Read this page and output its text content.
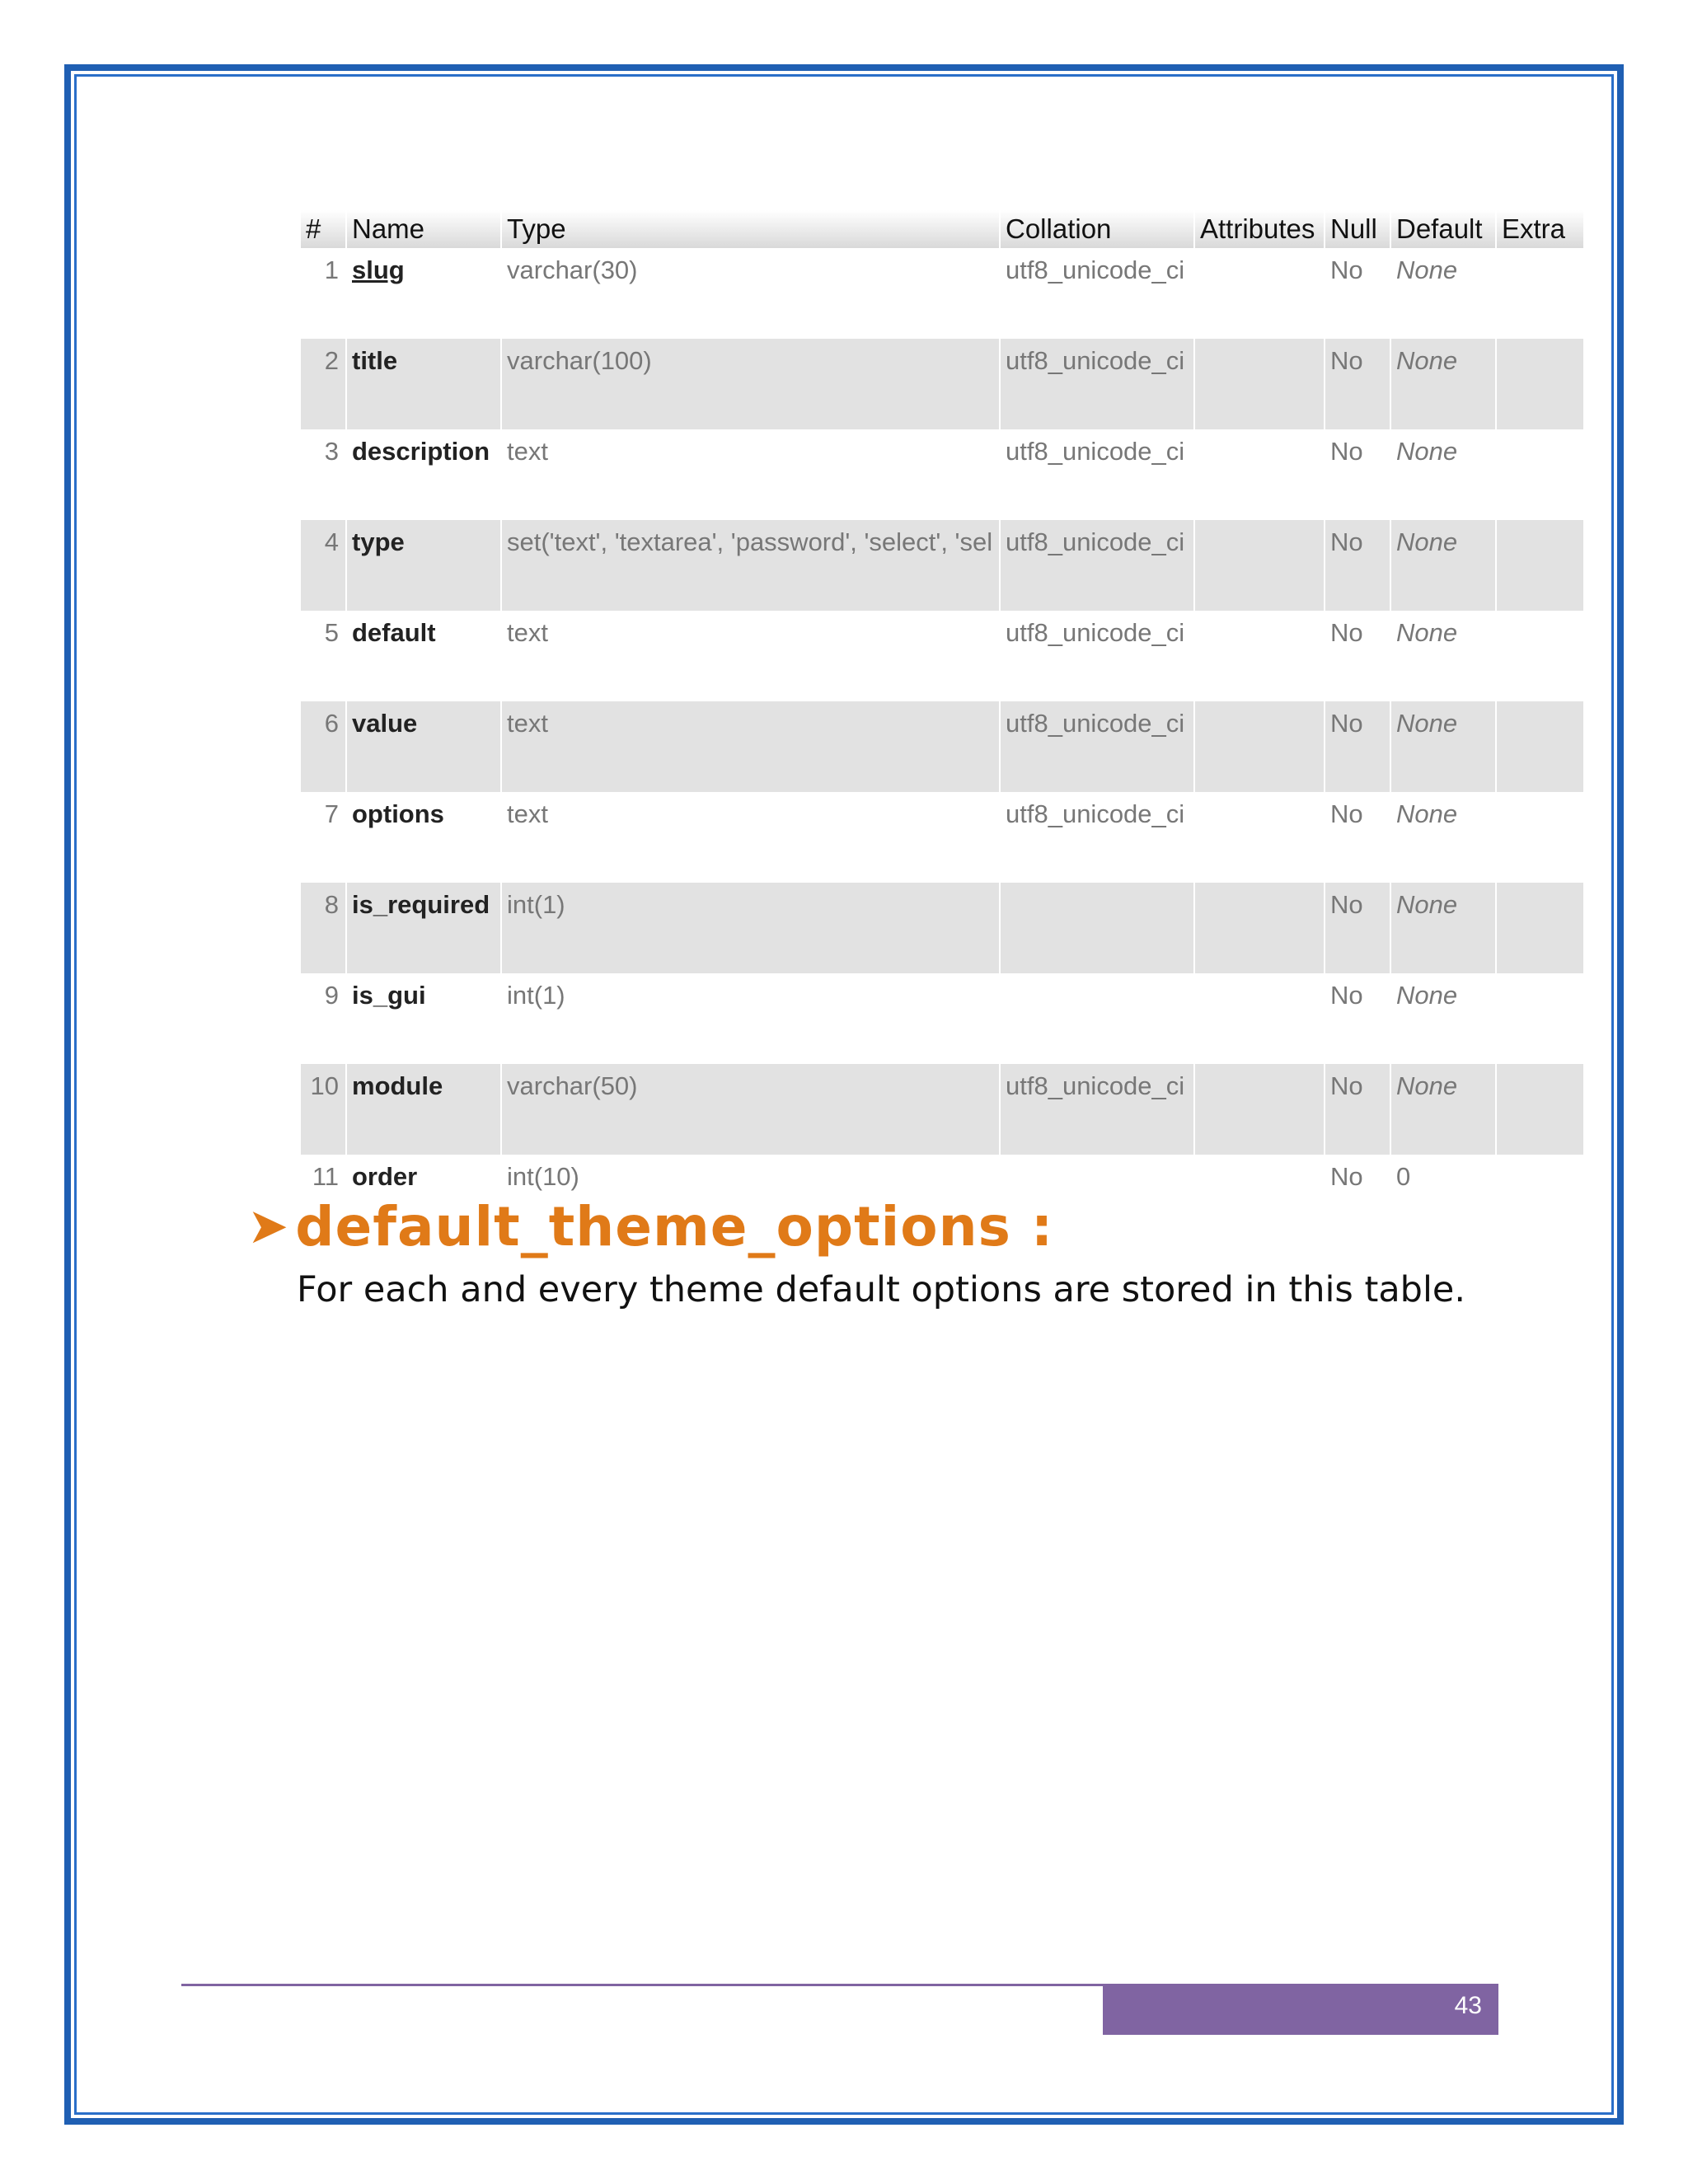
#	Name	Type	Collation	Attributes	Null	Default	Extra
1	slug	varchar(30)	utf8_unicode_ci		No	None	
2	title	varchar(100)	utf8_unicode_ci		No	None	
3	description	text	utf8_unicode_ci		No	None	
4	type	set('text', 'textarea', 'password', 'select', 'sel	utf8_unicode_ci		No	None	
5	default	text	utf8_unicode_ci		No	None	
6	value	text	utf8_unicode_ci		No	None	
7	options	text	utf8_unicode_ci		No	None	
8	is_required	int(1)			No	None	
9	is_gui	int(1)			No	None	
10	module	varchar(50)	utf8_unicode_ci		No	None	
11	order	int(10)			No	0	
➤ default_theme_options :
For each and every theme default options are stored in this table.
43
